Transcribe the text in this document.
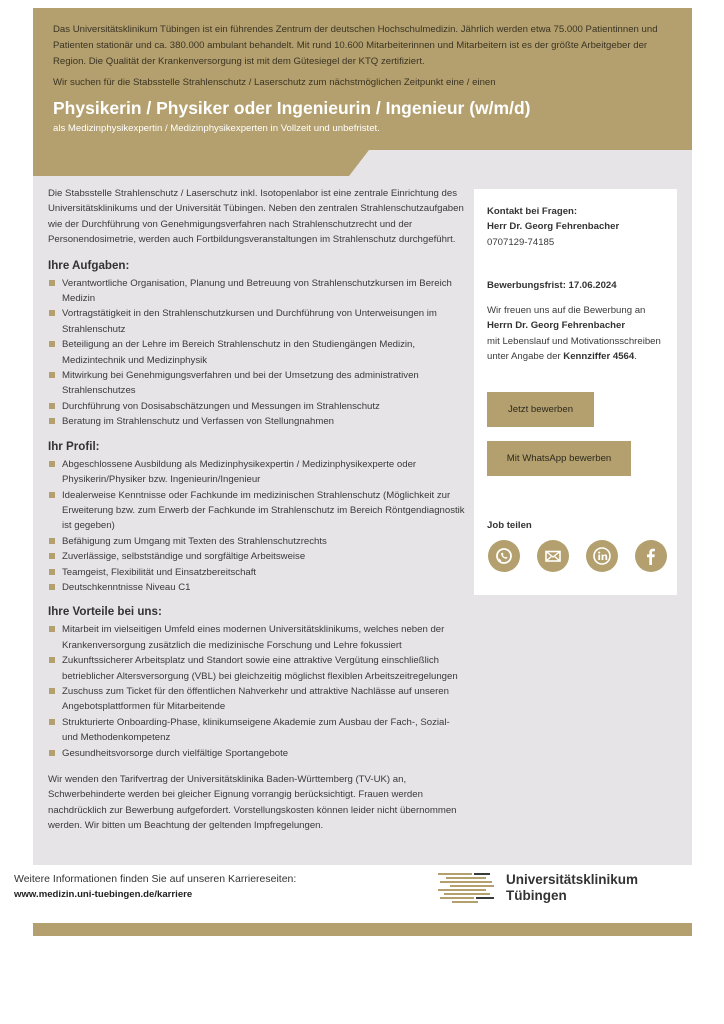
Das Universitätsklinikum Tübingen ist ein führendes Zentrum der deutschen Hochschulmedizin. Jährlich werden etwa 75.000 Patientinnen und Patienten stationär und ca. 380.000 ambulant behandelt. Mit rund 10.600 Mitarbeiterinnen und Mitarbeitern ist es der größte Arbeitgeber der Region. Die Qualität der Krankenversorgung ist mit dem Gütesiegel der KTQ zertifiziert.

Wir suchen für die Stabsstelle Strahlenschutz / Laserschutz zum nächstmöglichen Zeitpunkt eine / einen

Physikerin / Physiker oder Ingenieurin / Ingenieur (w/m/d)

als Medizinphysikexpertin / Medizinphysikexperten in Vollzeit und unbefristet.

Die Stabsstelle Strahlenschutz / Laserschutz inkl. Isotopenlabor ist eine zentrale Einrichtung des Universitätsklinikums und der Universität Tübingen. Neben den zentralen Strahlenschutzaufgaben wie der Durchführung von Genehmigungsverfahren nach Strahlenschutzrecht und der Personendosimetrie, werden auch Fortbildungsveranstaltungen im Strahlenschutz durchgeführt.

Ihre Aufgaben:
Verantwortliche Organisation, Planung und Betreuung von Strahlenschutzkursen im Bereich Medizin
Vortragstätigkeit in den Strahlenschutzkursen und Durchführung von Unterweisungen im Strahlenschutz
Beteiligung an der Lehre im Bereich Strahlenschutz in den Studiengängen Medizin, Medizintechnik und Medizinphysik
Mitwirkung bei Genehmigungsverfahren und bei der Umsetzung des administrativen Strahlenschutzes
Durchführung von Dosisabschätzungen und Messungen im Strahlenschutz
Beratung im Strahlenschutz und Verfassen von Stellungnahmen
Ihr Profil:
Abgeschlossene Ausbildung als Medizinphysikexpertin / Medizinphysikexperte oder Physikerin/Physiker bzw. Ingenieurin/Ingenieur
Idealerweise Kenntnisse oder Fachkunde im medizinischen Strahlenschutz (Möglichkeit zur Erweiterung bzw. zum Erwerb der Fachkunde im Strahlenschutz im Bereich Röntgendiagnostik ist gegeben)
Befähigung zum Umgang mit Texten des Strahlenschutzrechts
Zuverlässige, selbstständige und sorgfältige Arbeitsweise
Teamgeist, Flexibilität und Einsatzbereitschaft
Deutschkenntnisse Niveau C1
Ihre Vorteile bei uns:
Mitarbeit im vielseitigen Umfeld eines modernen Universitätsklinikums, welches neben der Krankenversorgung zusätzlich die medizinische Forschung und Lehre fokussiert
Zukunftssicherer Arbeitsplatz und Standort sowie eine attraktive Vergütung einschließlich betrieblicher Altersversorgung (VBL) bei gleichzeitig möglichst flexiblen Arbeitszeitregelungen
Zuschuss zum Ticket für den öffentlichen Nahverkehr und attraktive Nachlässe auf unseren Angebotsplattformen für Mitarbeitende
Strukturierte Onboarding-Phase, klinikumseigene Akademie zum Ausbau der Fach-, Sozial- und Methodenkompetenz
Gesundheitsvorsorge durch vielfältige Sportangebote

Wir wenden den Tarifvertrag der Universitätsklinika Baden-Württemberg (TV-UK) an, Schwerbehinderte werden bei gleicher Eignung vorrangig berücksichtigt. Frauen werden nachdrücklich zur Bewerbung aufgefordert. Vorstellungskosten können leider nicht übernommen werden. Wir bitten um Beachtung der geltenden Impfregelungen.

Kontakt bei Fragen:
Herr Dr. Georg Fehrenbacher
0707129-74185
Bewerbungsfrist: 17.06.2024
Wir freuen uns auf die Bewerbung an
Herrn Dr. Georg Fehrenbacher
mit Lebenslauf und Motivationsschreiben unter Angabe der Kennziffer 4564.
Jetzt bewerben
Mit WhatsApp bewerben
Job teilen

Weitere Informationen finden Sie auf unseren Karriereseiten:

www.medizin.uni-tuebingen.de/karriere

Universitätsklinikum
Tübingen
